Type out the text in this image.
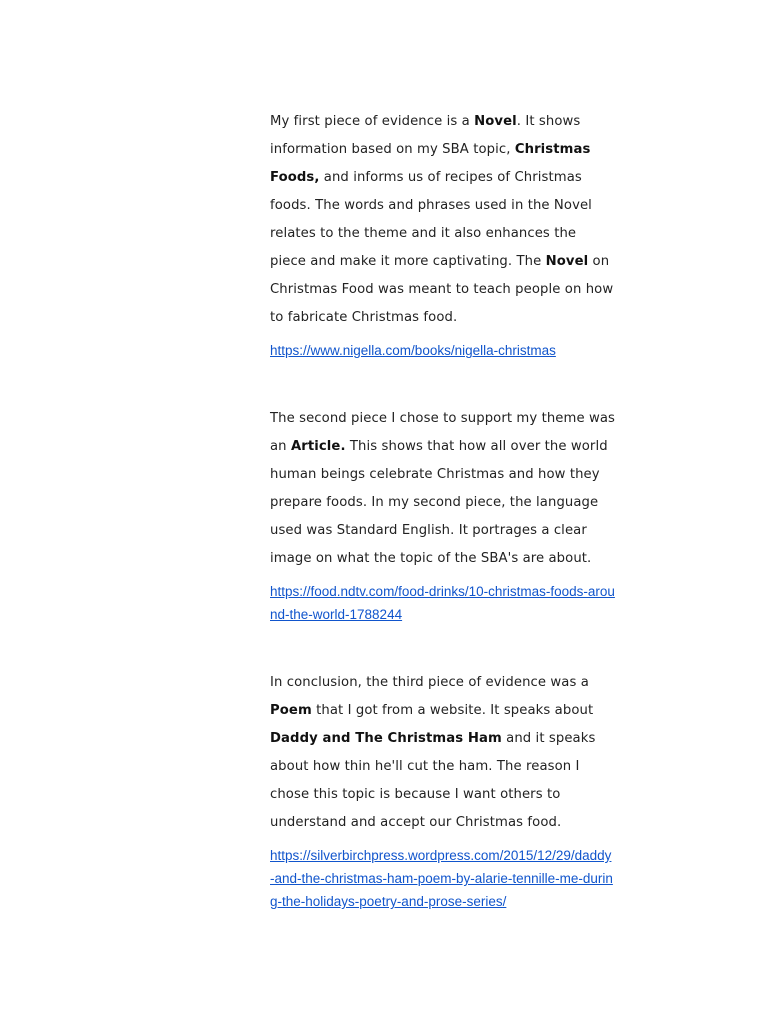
My first piece of evidence is a Novel. It shows information based on my SBA topic, Christmas Foods, and informs us of recipes of Christmas foods. The words and phrases used in the Novel relates to the theme and it also enhances the piece and make it more captivating. The Novel on Christmas Food was meant to teach people on how to fabricate Christmas food.
https://www.nigella.com/books/nigella-christmas
The second piece I chose to support my theme was an Article. This shows that how all over the world human beings celebrate Christmas and how they prepare foods. In my second piece, the language used was Standard English. It portrages a clear image on what the topic of the SBA's are about.
https://food.ndtv.com/food-drinks/10-christmas-foods-around-the-world-1788244
In conclusion, the third piece of evidence was a Poem that I got from a website. It speaks about Daddy and The Christmas Ham and it speaks about how thin he'll cut the ham. The reason I chose this topic is because I want others to understand and accept our Christmas food.
https://silverbirchpress.wordpress.com/2015/12/29/daddy-and-the-christmas-ham-poem-by-alarie-tennille-me-during-the-holidays-poetry-and-prose-series/
